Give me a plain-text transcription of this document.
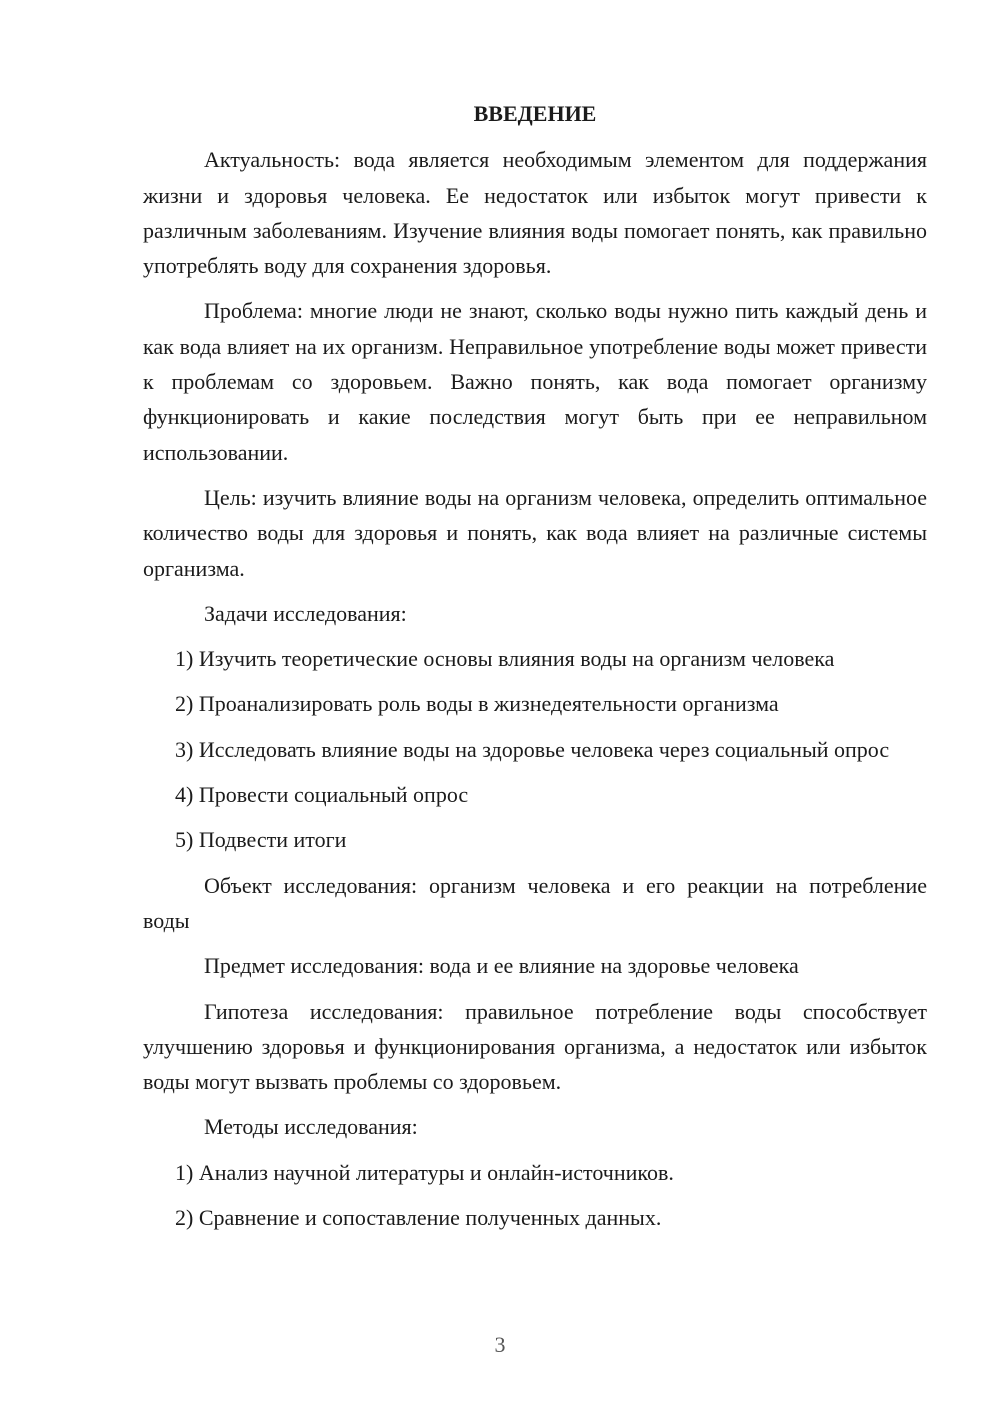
ВВЕДЕНИЕ

Актуальность: вода является необходимым элементом для поддержания жизни и здоровья человека. Ее недостаток или избыток могут привести к различным заболеваниям. Изучение влияния воды помогает понять, как правильно употреблять воду для сохранения здоровья.

Проблема: многие люди не знают, сколько воды нужно пить каждый день и как вода влияет на их организм. Неправильное употребление воды может привести к проблемам со здоровьем. Важно понять, как вода помогает организму функционировать и какие последствия могут быть при ее неправильном использовании.

Цель: изучить влияние воды на организм человека, определить оптимальное количество воды для здоровья и понять, как вода влияет на различные системы организма.

Задачи исследования:

1) Изучить теоретические основы влияния воды на организм человека

2) Проанализировать роль воды в жизнедеятельности организма

3) Исследовать влияние воды на здоровье человека через социальный опрос

4) Провести социальный опрос

5) Подвести итоги

Объект исследования: организм человека и его реакции на потребление воды

Предмет исследования: вода и ее влияние на здоровье человека

Гипотеза исследования: правильное потребление воды способствует улучшению здоровья и функционирования организма, а недостаток или избыток воды могут вызвать проблемы со здоровьем.

Методы исследования:

1) Анализ научной литературы и онлайн-источников.

2) Сравнение и сопоставление полученных данных.

3
